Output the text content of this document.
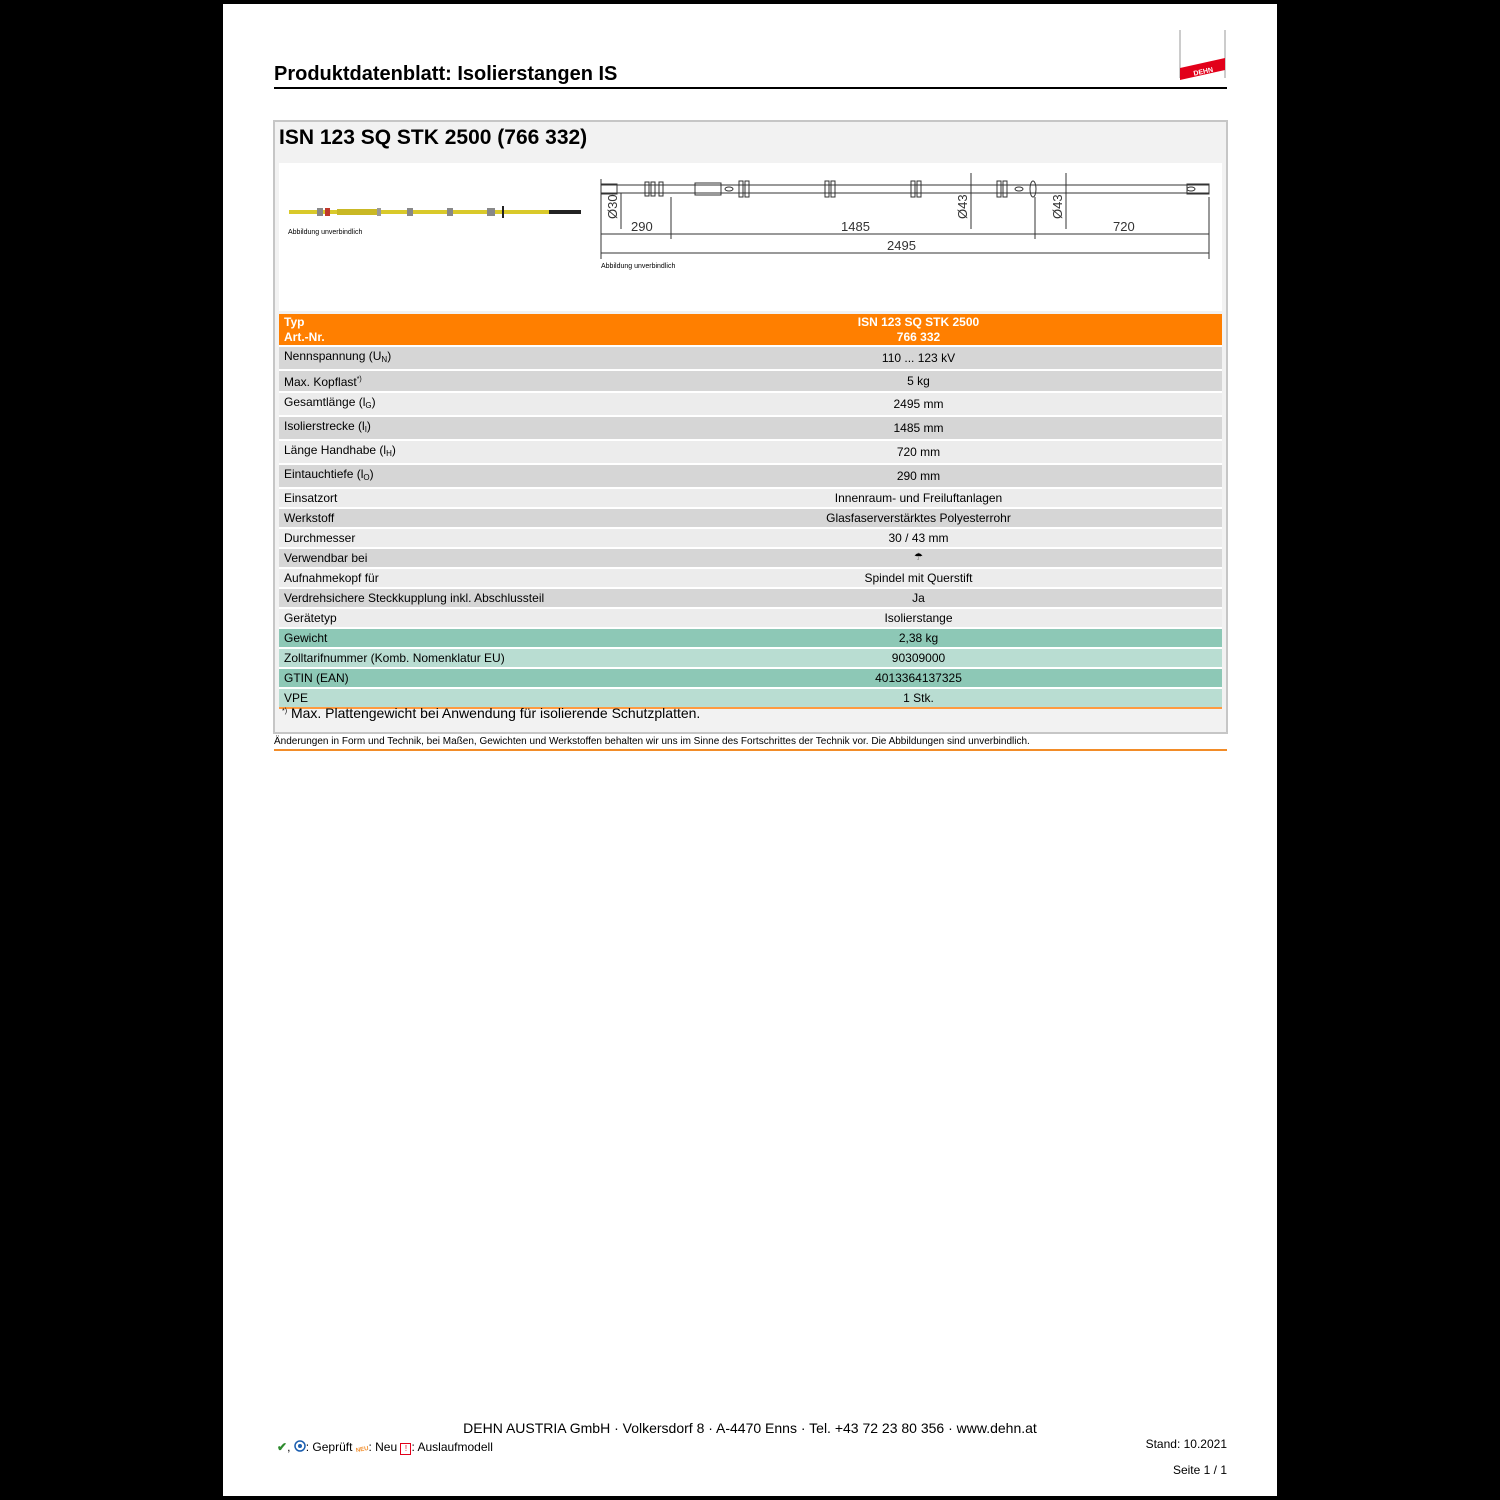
Produktdatenblatt: Isolierstangen IS	DEHN
ISN 123 SQ STK 2500 (766 332)
Abbildung unverbindlich
Ø30	Ø43	Ø43
290	1485	720
2495
Abbildung unverbindlich
Typ	ISN 123 SQ STK 2500
Art.-Nr.	766 332
Nennspannung $(U_N)$	110 ... 123 kV
Max. Kopflast*)	5 kg
Gesamtlänge $(l_G)$	2495 mm
Isolierstrecke $(l_I)$	1485 mm
Länge Handhabe $(l_H)$	720 mm
Eintauchtiefe $(l_O)$	290 mm
Einsatzort	Innenraum- und Freiluftanlagen
Werkstoff	Glasfaserverstärktes Polyesterrohr
Durchmesser	30 / 43 mm
Verwendbar bei	☂
Aufnahmekopf für	Spindel mit Querstift
Verdrehsichere Steckkupplung inkl. Abschlussteil	Ja
Gerätetyp	Isolierstange
Gewicht	2,38 kg
Zolltarifnummer (Komb. Nomenklatur EU)	90309000
GTIN (EAN)	4013364137325
VPE	1 Stk.
*) Max. Plattengewicht bei Anwendung für isolierende Schutzplatten.
Änderungen in Form und Technik, bei Maßen, Gewichten und Werkstoffen behalten wir uns im Sinne des Fortschrittes der Technik vor. Die Abbildungen sind unverbindlich.
DEHN AUSTRIA GmbH · Volkersdorf 8 · A-4470 Enns · Tel. +43 72 23 80 356 · www.dehn.at
✔, : Geprüft NEU: Neu ! : Auslaufmodell	Stand: 10.2021
Seite 1 / 1
